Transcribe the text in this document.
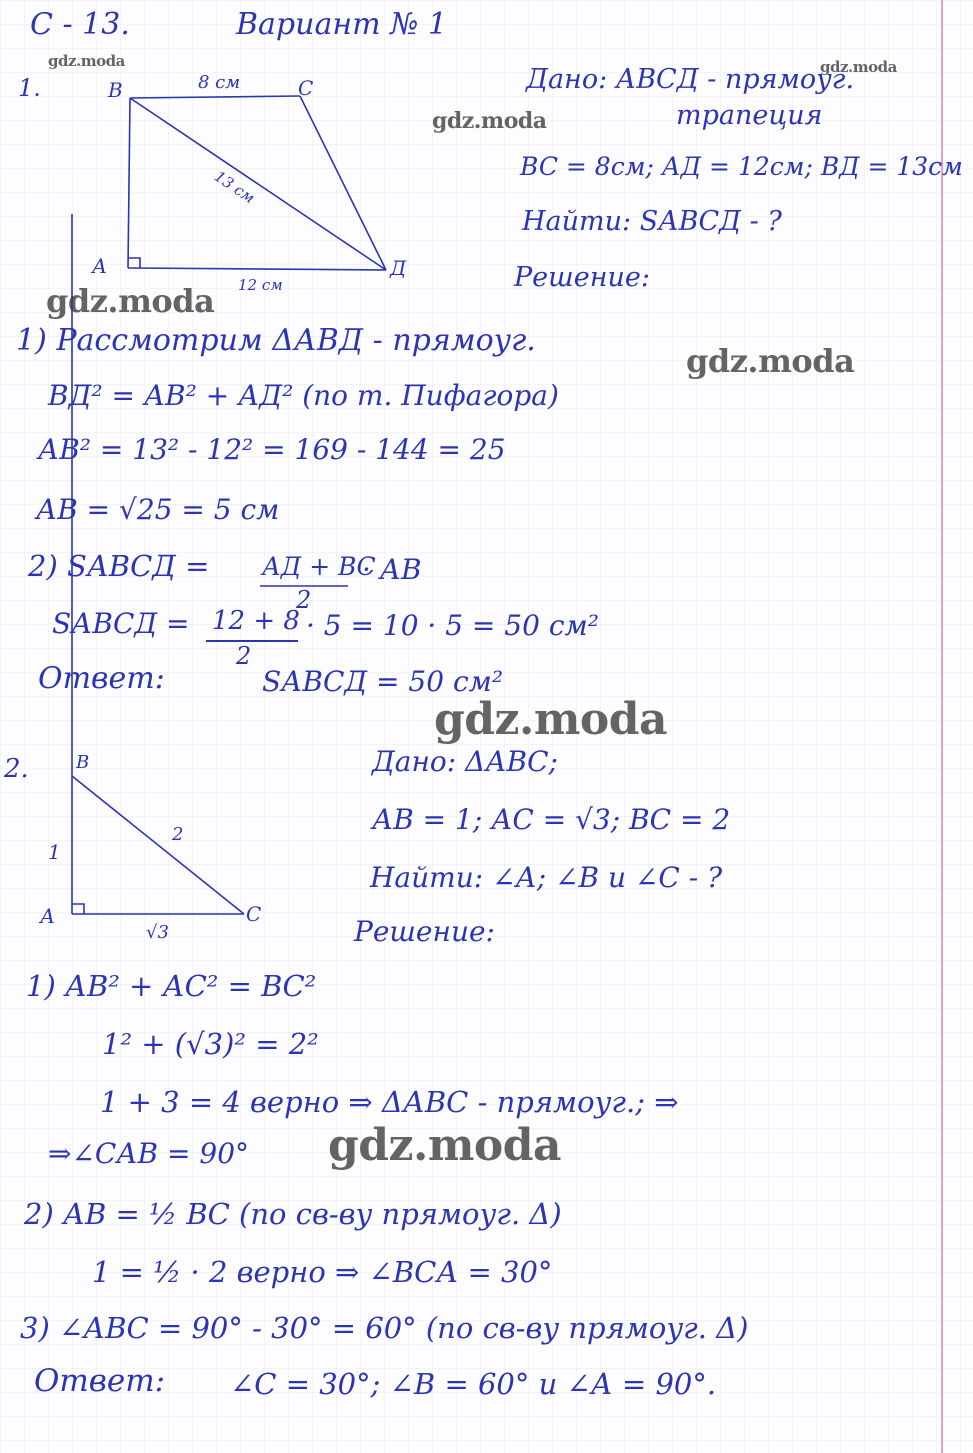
С - 13.	Вариант № 1
1.	B	C
А	Д
8 см
13 см
12 см
Дано: АВСД - прямоуг.
трапеция
BC = 8см; АД = 12см; ВД = 13см
Найти: SАВСД - ?
Решение:
1) Рассмотрим ΔАВД - прямоуг.
ВД² = АВ² + АД² (по т. Пифагора)
АВ² = 13² - 12² = 169 - 144 = 25
АВ = √25 = 5 см
2) SАВСД = АД + ВС
2
· АВ
SАВСД = 12 + 8
2
· 5 = 10 · 5 = 50 см²
Ответ:	SАВСД = 50 см²
2.	B
А	C
1
2
√3
Дано: ΔАВС;
АВ = 1; АС = √3; ВС = 2
Найти: ∠А; ∠В и ∠С - ?
Решение:
1) АВ² + АС² = ВС²
1² + (√3)² = 2²
1 + 3 = 4 верно ⇒ ΔАВС - прямоуг.; ⇒
⇒∠САВ = 90°
2) АВ = ½ ВС (по св-ву прямоуг. Δ)
1 = ½ · 2 верно ⇒ ∠ВСА = 30°
3) ∠АВС = 90° - 30° = 60° (по св-ву прямоуг. Δ)
Ответ: ∠С = 30°; ∠В = 60° и ∠А = 90°.
gdz.moda	gdz.moda
gdz.moda
gdz.moda
gdz.moda
gdz.moda
gdz.moda
